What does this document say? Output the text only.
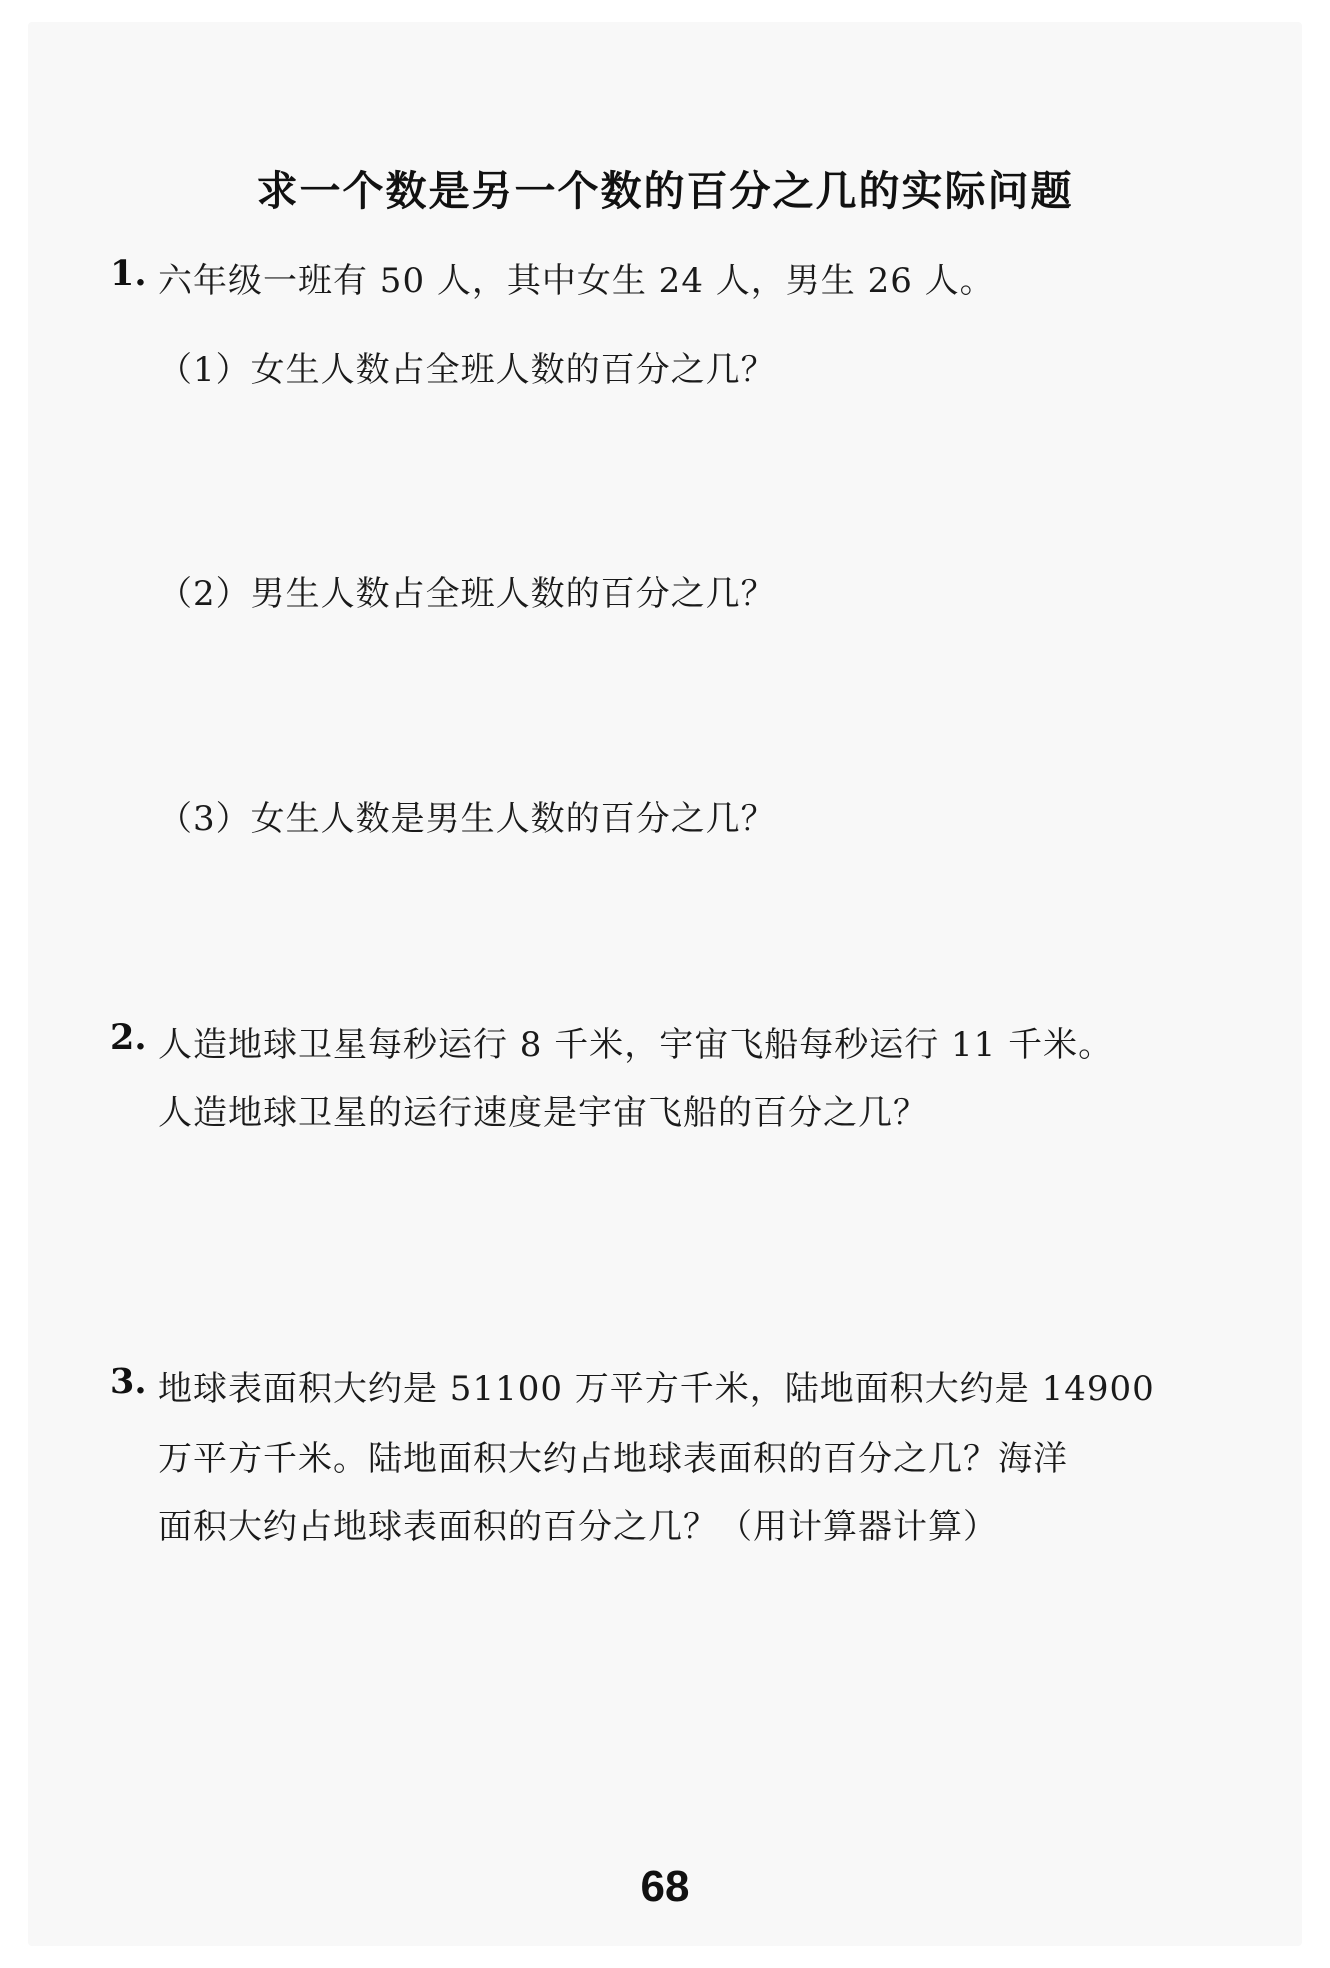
求一个数是另一个数的百分之几的实际问题
1. 六年级一班有 50 人，其中女生 24 人，男生 26 人。
（1）女生人数占全班人数的百分之几？
（2）男生人数占全班人数的百分之几？
（3）女生人数是男生人数的百分之几？
2. 人造地球卫星每秒运行 8 千米，宇宙飞船每秒运行 11 千米。
人造地球卫星的运行速度是宇宙飞船的百分之几？
3. 地球表面积大约是 51100 万平方千米，陆地面积大约是 14900
万平方千米。陆地面积大约占地球表面积的百分之几？海洋
面积大约占地球表面积的百分之几？（用计算器计算）
68
